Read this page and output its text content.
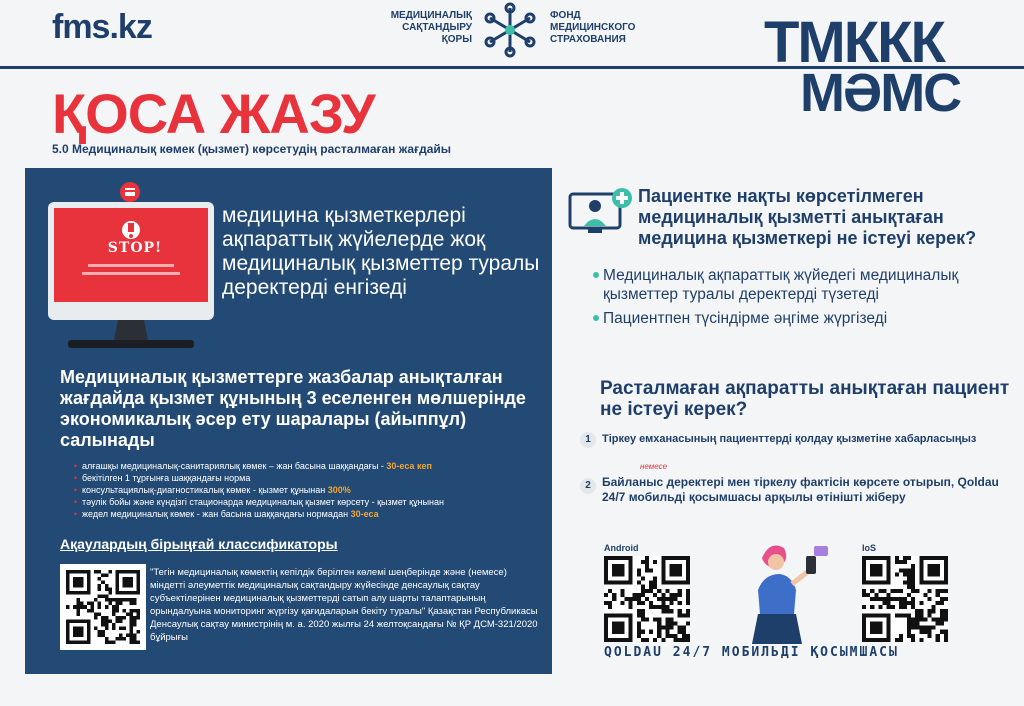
fms.kz	МЕДИЦИНАЛЫҚ
САҚТАНДЫРУ
ҚОРЫ
ФОНД
МЕДИЦИНСКОГО
СТРАХОВАНИЯ	ТМККК
МӘМС
ҚОСА ЖАЗУ
5.0 Медициналық көмек (қызмет) көрсетудің расталмаған жағдайы
STOP!
медицина қызметкерлері ақпараттық жүйелерде жоқ медициналық қызметтер туралы деректерді енгізеді
Медициналық қызметтерге жазбалар анықталған жағдайда қызмет құнының 3 еселенген мөлшерінде экономикалық әсер ету шаралары (айыппұл) салынады
• алғашқы медициналық-санитариялық көмек – жан басына шаққандағы - 30-еса кеп
• бекітілген 1 тұрғынға шаққандағы норма
• консультациялық-диагностикалық көмек - қызмет құнынан 300%
• тәулік бойы және күндізгі стационарда медициналық қызмет көрсету - қызмет құнынан
• жедел медициналық көмек - жан басына шаққандағы нормадан 30-еса
Ақаулардың бірыңғай классификаторы
"Тегін медициналық көмектің кепілдік берілген көлемі шеңберінде және (немесе) міндетті әлеуметтік медициналық сақтандыру жүйесінде денсаулық сақтау субъектілерінен медициналық қызметтерді сатып алу шарты талаптарының орындалуына мониторинг жүргізу қағидаларын бекіту туралы" Қазақстан Республикасы Денсаулық сақтау министрінің м. а. 2020 жылғы 24 желтоқсандағы № ҚР ДСМ-321/2020 бұйрығы
Пациентке нақты көрсетілмеген медициналық қызметті анықтаған медицина қызметкері не істеуі керек?
Медициналық ақпараттық жүйедегі медициналық қызметтер туралы деректерді түзетеді
Пациентпен түсіндірме әңгіме жүргізеді
Расталмаған ақпаратты анықтаған пациент не істеуі керек?
1	Тіркеу емханасының пациенттерді қолдау қызметіне хабарласыңыз
немесе
2 Байланыс деректері мен тіркелу фактісін көрсете отырып, Qoldau 24/7 мобильді қосымшасы арқылы өтінішті жіберу
Android	IoS
QOLDAU 24/7 МОБИЛЬДІ ҚОСЫМШАСЫ
